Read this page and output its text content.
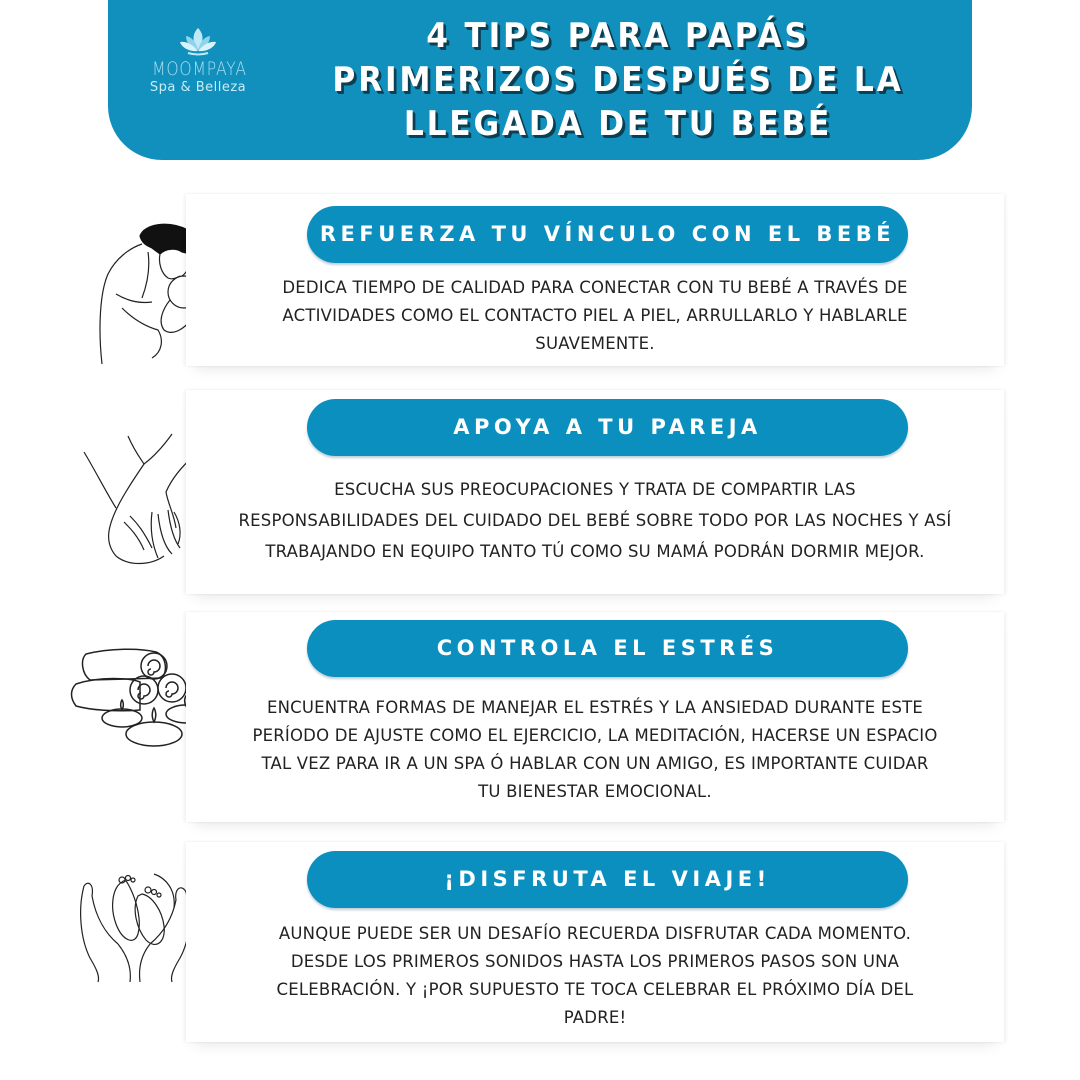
MOOMPAYA
Spa & Belleza
4 TIPS PARA PAPÁS
PRIMERIZOS DESPUÉS DE LA
LLEGADA DE TU BEBÉ
REFUERZA TU VÍNCULO CON EL BEBÉ
DEDICA TIEMPO DE CALIDAD PARA CONECTAR CON TU BEBÉ A TRAVÉS DE
ACTIVIDADES COMO EL CONTACTO PIEL A PIEL, ARRULLARLO Y HABLARLE
SUAVEMENTE.
APOYA A TU PAREJA
ESCUCHA SUS PREOCUPACIONES Y TRATA DE COMPARTIR LAS
RESPONSABILIDADES DEL CUIDADO DEL BEBÉ SOBRE TODO POR LAS NOCHES Y ASÍ
TRABAJANDO EN EQUIPO TANTO TÚ COMO SU MAMÁ PODRÁN DORMIR MEJOR.
CONTROLA EL ESTRÉS
ENCUENTRA FORMAS DE MANEJAR EL ESTRÉS Y LA ANSIEDAD DURANTE ESTE
PERÍODO DE AJUSTE COMO EL EJERCICIO, LA MEDITACIÓN, HACERSE UN ESPACIO
TAL VEZ PARA IR A UN SPA Ó HABLAR CON UN AMIGO, ES IMPORTANTE CUIDAR
TU BIENESTAR EMOCIONAL.
¡DISFRUTA EL VIAJE!
AUNQUE PUEDE SER UN DESAFÍO RECUERDA DISFRUTAR CADA MOMENTO.
DESDE LOS PRIMEROS SONIDOS HASTA LOS PRIMEROS PASOS SON UNA
CELEBRACIÓN. Y ¡POR SUPUESTO TE TOCA CELEBRAR EL PRÓXIMO DÍA DEL
PADRE!
